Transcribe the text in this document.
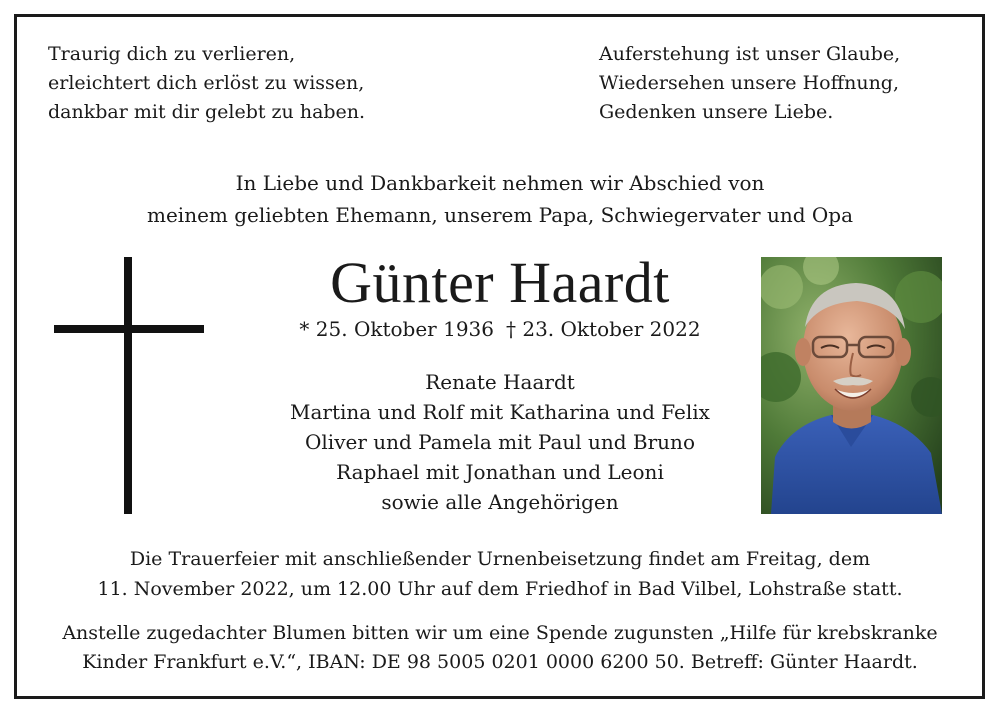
Traurig dich zu verlieren,
erleichtert dich erlöst zu wissen,
dankbar mit dir gelebt zu haben.
Auferstehung ist unser Glaube,
Wiedersehen unsere Hoffnung,
Gedenken unsere Liebe.
In Liebe und Dankbarkeit nehmen wir Abschied von
meinem geliebten Ehemann, unserem Papa, Schwiegervater und Opa
Günter Haardt
* 25. Oktober 1936 † 23. Oktober 2022
Renate Haardt
Martina und Rolf mit Katharina und Felix
Oliver und Pamela mit Paul und Bruno
Raphael mit Jonathan und Leoni
sowie alle Angehörigen
Die Trauerfeier mit anschließender Urnenbeisetzung findet am Freitag, dem
11. November 2022, um 12.00 Uhr auf dem Friedhof in Bad Vilbel, Lohstraße statt.
Anstelle zugedachter Blumen bitten wir um eine Spende zugunsten „Hilfe für krebskranke
Kinder Frankfurt e.V.“, IBAN: DE 98 5005 0201 0000 6200 50. Betreff: Günter Haardt.
